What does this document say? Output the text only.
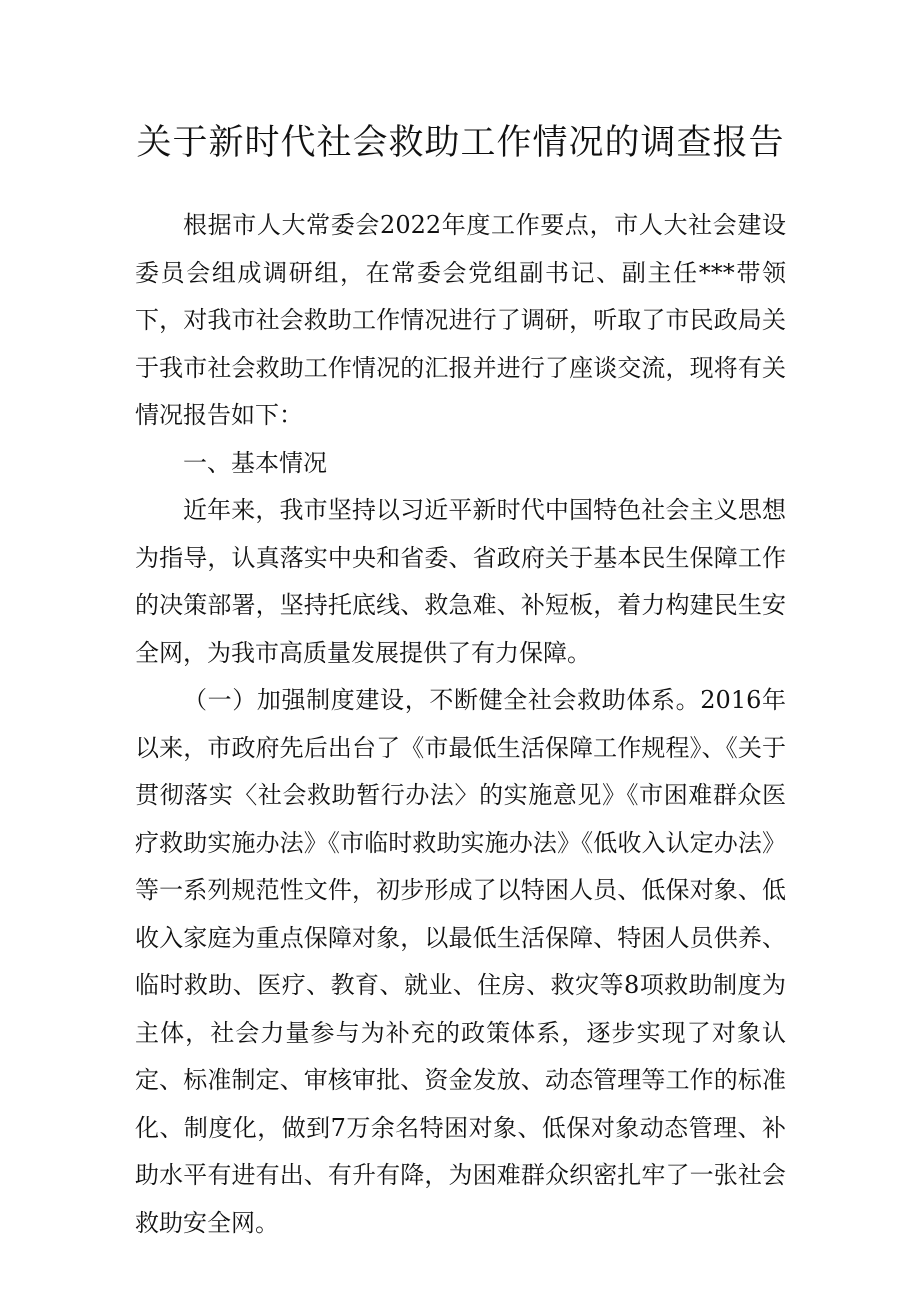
关于新时代社会救助工作情况的调查报告

根据市人大常委会2022年度工作要点，市人大社会建设委员会组成调研组，在常委会党组副书记、副主任***带领下，对我市社会救助工作情况进行了调研，听取了市民政局关于我市社会救助工作情况的汇报并进行了座谈交流，现将有关情况报告如下：

一、基本情况

近年来，我市坚持以习近平新时代中国特色社会主义思想为指导，认真落实中央和省委、省政府关于基本民生保障工作的决策部署，坚持托底线、救急难、补短板，着力构建民生安全网，为我市高质量发展提供了有力保障。

（一）加强制度建设，不断健全社会救助体系。2016年以来，市政府先后出台了《市最低生活保障工作规程》、《关于贯彻落实〈社会救助暂行办法〉的实施意见》《市困难群众医疗救助实施办法》《市临时救助实施办法》《低收入认定办法》等一系列规范性文件，初步形成了以特困人员、低保对象、低收入家庭为重点保障对象，以最低生活保障、特困人员供养、临时救助、医疗、教育、就业、住房、救灾等8项救助制度为主体，社会力量参与为补充的政策体系，逐步实现了对象认定、标准制定、审核审批、资金发放、动态管理等工作的标准化、制度化，做到7万余名特困对象、低保对象动态管理、补助水平有进有出、有升有降，为困难群众织密扎牢了一张社会救助安全网。
